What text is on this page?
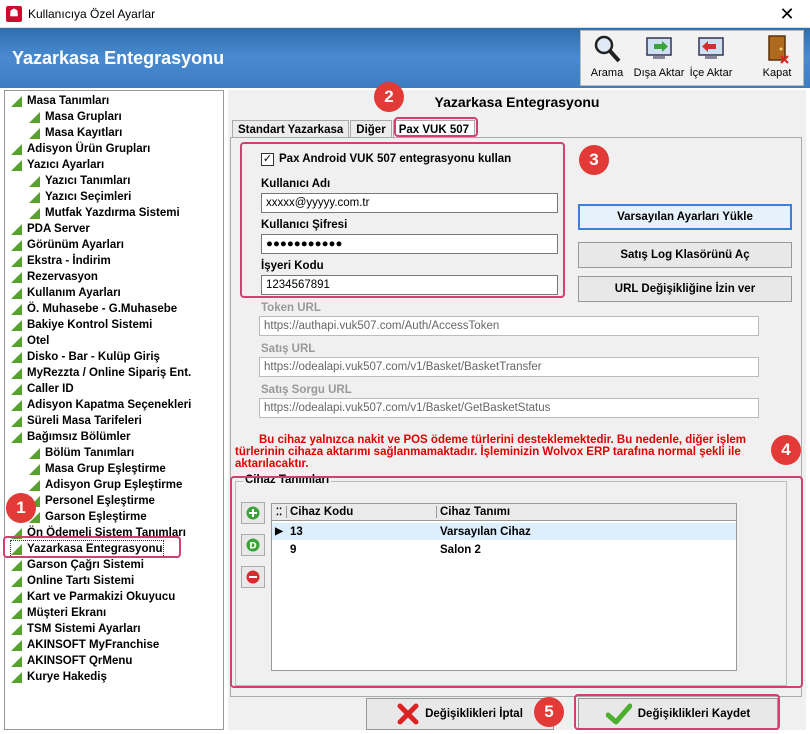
☗ Kullanıcıya Özel Ayarlar	✕
Yazarkasa Entegrasyonu
Arama Dışa Aktar İçe Aktar	Kapat
Masa Tanımları
Masa Grupları
Masa Kayıtları
Adisyon Ürün Grupları
Yazıcı Ayarları
Yazıcı Tanımları
Yazıcı Seçimleri
Mutfak Yazdırma Sistemi
PDA Server
Görünüm Ayarları
Ekstra - İndirim
Rezervasyon
Kullanım Ayarları
Ö. Muhasebe - G.Muhasebe
Bakiye Kontrol Sistemi
Otel
Disko - Bar - Kulüp Giriş
MyRezzta / Online Sipariş Ent.
Caller ID
Adisyon Kapatma Seçenekleri
Süreli Masa Tarifeleri
Bağımsız Bölümler
Bölüm Tanımları
Masa Grup Eşleştirme
Adisyon Grup Eşleştirme
Personel Eşleştirme
Garson Eşleştirme
Ön Ödemeli Sistem Tanımları
Yazarkasa Entegrasyonu
Garson Çağrı Sistemi
Online Tartı Sistemi
Kart ve Parmakizi Okuyucu
Müşteri Ekranı
TSM Sistemi Ayarları
AKINSOFT MyFranchise
AKINSOFT QrMenu
Kurye Hakediş
Yazarkasa Entegrasyonu
Standart Yazarkasa	Diğer	Pax VUK 507
✓ Pax Android VUK 507 entegrasyonu kullan
Kullanıcı Adı
xxxxx@yyyyy.com.tr
Kullanıcı Şifresi
●●●●●●●●●●●
İşyeri Kodu
1234567891
Varsayılan Ayarları Yükle
Satış Log Klasörünü Aç
URL Değişikliğine İzin ver
Token URL
https://authapi.vuk507.com/Auth/AccessToken
Satış URL
https://odealapi.vuk507.com/v1/Basket/BasketTransfer
Satış Sorgu URL
https://odealapi.vuk507.com/v1/Basket/GetBasketStatus
Bu cihaz yalnızca nakit ve POS ödeme türlerini desteklemektedir. Bu nedenle, diğer işlem
türlerinin cihaza aktarımı sağlanmamaktadır. İşleminizin Wolvox ERP tarafına normal şekli ile
aktarılacaktır.
Cihaz Tanımları
D
⁚⁚ Cihaz Kodu	Cihaz Tanımı
▶ 13	Varsayılan Cihaz
9	Salon 2
Değişiklikleri İptal	Değişiklikleri Kaydet
1
2
3
4
5
